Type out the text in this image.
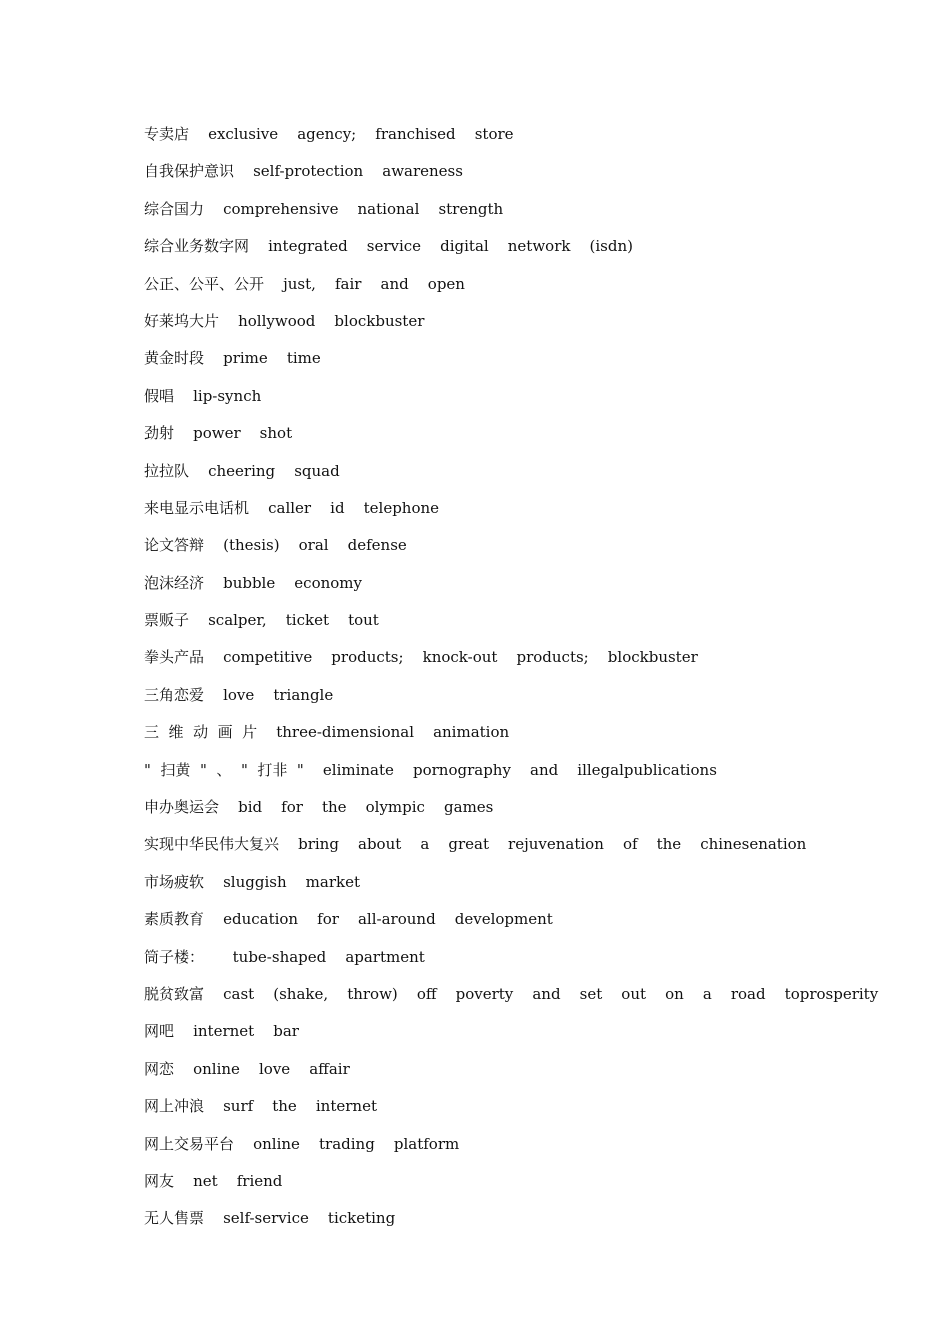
专卖店 exclusive    agency;    franchised    store
自我保护意识 self-protection    awareness
综合国力 comprehensive    national    strength
综合业务数字网 integrated    service    digital    network    (isdn)
公正、公平、公开 just,    fair    and    open
好莱坞大片 hollywood    blockbuster
黄金时段 prime    time
假唱 lip-synch
劲射 power    shot
拉拉队 cheering    squad
来电显示电话机 caller    id    telephone
论文答辩 (thesis)    oral    defense
泡沫经济 bubble    economy
票贩子 scalper,    ticket    tout
拳头产品 competitive    products;    knock-out    products;    blockbuster
三角恋爱 love    triangle
三  维  动  画  片 three-dimensional    animation
"  扫黄  "  、  "  打非  " eliminate    pornography    and    illegalpublications
申办奥运会 bid    for    the    olympic    games
实现中华民伟大复兴 bring    about    a    great    rejuvenation    of    the    chinesenation
市场疲软 sluggish    market
素质教育 education    for    all-around    development
筒子楼：      tube-shaped    apartment
脱贫致富 cast    (shake,    throw)    off    poverty    and    set    out    on    a    road    toprosperity
网吧 internet    bar
网恋 online    love    affair
网上冲浪 surf    the    internet
网上交易平台 online    trading    platform
网友 net    friend
无人售票 self-service    ticketing
